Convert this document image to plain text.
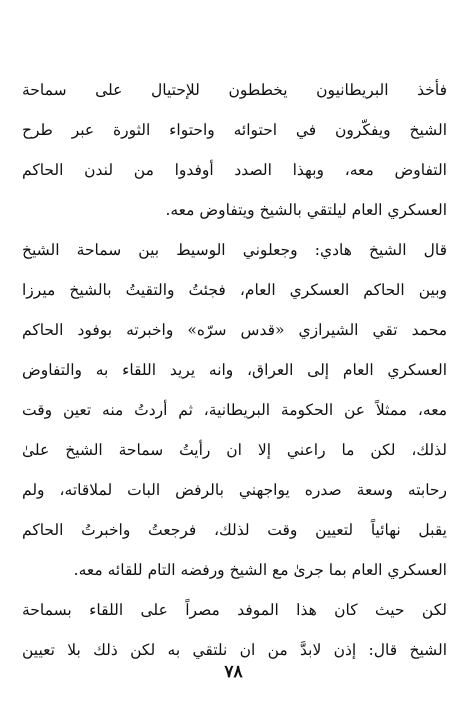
فأخذ البريطانيون يخططون للإحتيال على سماحة
الشيخ ويفكّرون في احتوائه واحتواء الثورة عبر طرح
التفاوض معه، وبهذا الصدد أوفدوا من لندن الحاكم
العسكري العام ليلتقي بالشيخ ويتفاوض معه.

قال الشيخ هادي: وجعلوني الوسيط بين سماحة الشيخ
وبين الحاكم العسكري العام، فجئتُ والتقيتُ بالشيخ ميرزا
محمد تقي الشيرازي «قدس سرّه» واخبرته بوفود الحاكم
العسكري العام إلى العراق، وانه يريد اللقاء به والتفاوض
معه، ممثلاً عن الحكومة البريطانية، ثم أردتُ منه تعين وقت
لذلك، لكن ما راعني إلا ان رأيتُ سماحة الشيخ علىٰ
رحابته وسعة صدره يواجهني بالرفض البات لملاقاته، ولم
يقبل نهائياً لتعيين وقت لذلك، فرجعتُ واخبرتُ الحاكم
العسكري العام بما جرىٰ مع الشيخ ورفضه التام للقائه معه.

لكن حيث كان هذا الموفد مصراً على اللقاء بسماحة
الشيخ قال: إذن لابدَّ من ان نلتقي به لكن ذلك بلا تعيين

٧٨
